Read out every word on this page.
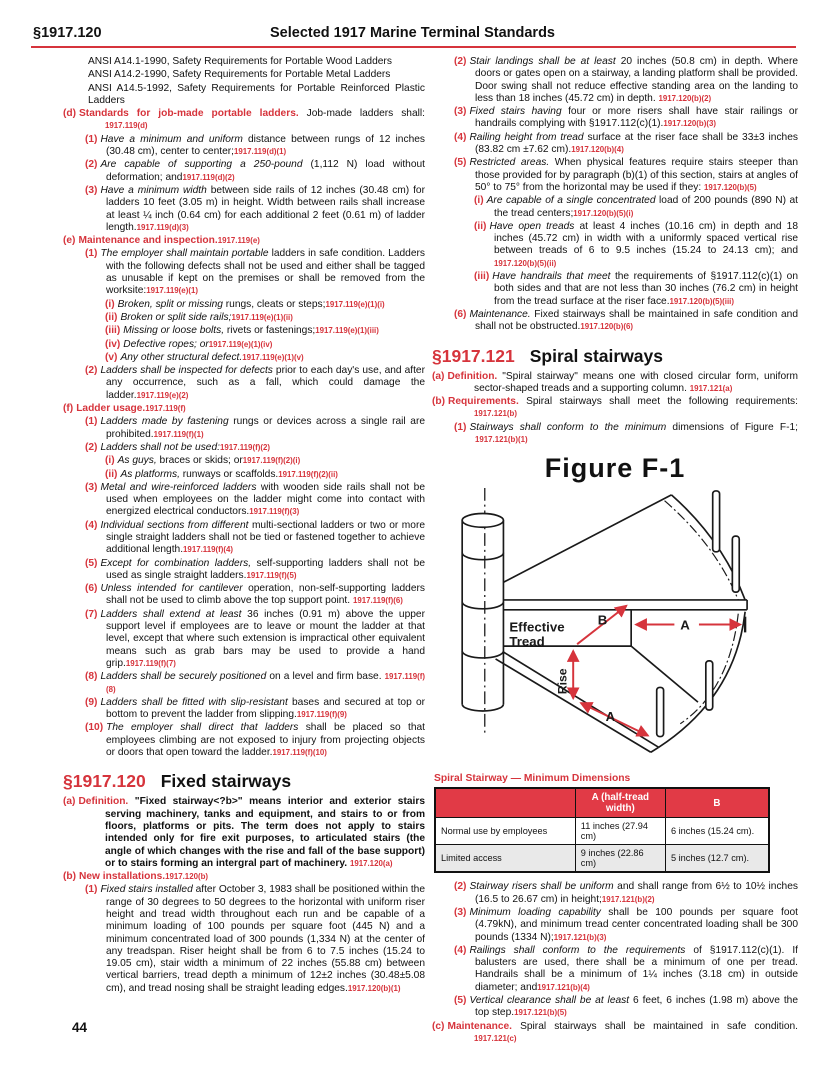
§1917.120	Selected 1917 Marine Terminal Standards
ANSI A14.1-1990, Safety Requirements for Portable Wood Ladders
ANSI A14.2-1990, Safety Requirements for Portable Metal Ladders
ANSI A14.5-1992, Safety Requirements for Portable Reinforced Plastic Ladders
(d) Standards for job-made portable ladders. Job-made ladders shall: 1917.119(d)
(1) Have a minimum and uniform distance between rungs of 12 inches (30.48 cm), center to center;1917.119(d)(1)
(2) Are capable of supporting a 250-pound (1,112 N) load without deformation; and1917.119(d)(2)
(3) Have a minimum width between side rails of 12 inches (30.48 cm) for ladders 10 feet (3.05 m) in height. Width between rails shall increase at least ¼ inch (0.64 cm) for each additional 2 feet (0.61 m) of ladder length.1917.119(d)(3)
(e) Maintenance and inspection.1917.119(e)
(1) The employer shall maintain portable ladders in safe condition. Ladders with the following defects shall not be used and either shall be tagged as unusable if kept on the premises or shall be removed from the worksite:1917.119(e)(1)
(i) Broken, split or missing rungs, cleats or steps;1917.119(e)(1)(i)
(ii) Broken or split side rails;1917.119(e)(1)(ii)
(iii) Missing or loose bolts, rivets or fastenings;1917.119(e)(1)(iii)
(iv) Defective ropes; or1917.119(e)(1)(iv)
(v) Any other structural defect.1917.119(e)(1)(v)
(2) Ladders shall be inspected for defects prior to each day's use, and after any occurrence, such as a fall, which could damage the ladder.1917.119(e)(2)
(f) Ladder usage.1917.119(f)
(1) Ladders made by fastening rungs or devices across a single rail are prohibited.1917.119(f)(1)
(2) Ladders shall not be used:1917.119(f)(2)
(i) As guys, braces or skids; or1917.119(f)(2)(i)
(ii) As platforms, runways or scaffolds.1917.119(f)(2)(ii)
(3) Metal and wire-reinforced ladders with wooden side rails shall not be used when employees on the ladder might come into contact with energized electrical conductors.1917.119(f)(3)
(4) Individual sections from different multi-sectional ladders or two or more single straight ladders shall not be tied or fastened together to achieve additional length.1917.119(f)(4)
(5) Except for combination ladders, self-supporting ladders shall not be used as single straight ladders.1917.119(f)(5)
(6) Unless intended for cantilever operation, non-self-supporting ladders shall not be used to climb above the top support point. 1917.119(f)(6)
(7) Ladders shall extend at least 36 inches (0.91 m) above the upper support level if employees are to leave or mount the ladder at that level, except that where such extension is impractical other equivalent means such as grab bars may be used to provide a hand grip.1917.119(f)(7)
(8) Ladders shall be securely positioned on a level and firm base. 1917.119(f)(8)
(9) Ladders shall be fitted with slip-resistant bases and secured at top or bottom to prevent the ladder from slipping.1917.119(f)(9)
(10) The employer shall direct that ladders shall be placed so that employees climbing are not exposed to injury from projecting objects or doors that open toward the ladder.1917.119(f)(10)
§1917.120 Fixed stairways
(a) Definition. "Fixed stairway<?b>" means interior and exterior stairs serving machinery, tanks and equipment, and stairs to or from floors, platforms or pits. The term does not apply to stairs intended only for fire exit purposes, to articulated stairs (the angle of which changes with the rise and fall of the base support) or to stairs forming an intergral part of machinery. 1917.120(a)
(b) New installations.1917.120(b)
(1) Fixed stairs installed after October 3, 1983 shall be positioned within the range of 30 degrees to 50 degrees to the horizontal with uniform riser height and tread width throughout each run and be capable of a minimum loading of 100 pounds per square foot (445 N) and a minimum concentrated load of 300 pounds (1,334 N) at the center of any treadspan. Riser height shall be from 6 to 7.5 inches (15.24 to 19.05 cm), stair width a minimum of 22 inches (55.88 cm) between vertical barriers, tread depth a minimum of 12±2 inches (30.48±5.08 cm), and tread nosing shall be straight leading edges.1917.120(b)(1)
(2) Stair landings shall be at least 20 inches (50.8 cm) in depth. Where doors or gates open on a stairway, a landing platform shall be provided. Door swing shall not reduce effective standing area on the landing to less than 18 inches (45.72 cm) in depth. 1917.120(b)(2)
(3) Fixed stairs having four or more risers shall have stair railings or handrails complying with §1917.112(c)(1).1917.120(b)(3)
(4) Railing height from tread surface at the riser face shall be 33±3 inches (83.82 cm ±7.62 cm).1917.120(b)(4)
(5) Restricted areas. When physical features require stairs steeper than those provided for by paragraph (b)(1) of this section, stairs at angles of 50° to 75° from the horizontal may be used if they: 1917.120(b)(5)
(i) Are capable of a single concentrated load of 200 pounds (890 N) at the tread centers;1917.120(b)(5)(i)
(ii) Have open treads at least 4 inches (10.16 cm) in depth and 18 inches (45.72 cm) in width with a uniformly spaced vertical rise between treads of 6 to 9.5 inches (15.24 to 24.13 cm); and 1917.120(b)(5)(ii)
(iii) Have handrails that meet the requirements of §1917.112(c)(1) on both sides and that are not less than 30 inches (76.2 cm) in height from the tread surface at the riser face.1917.120(b)(5)(iii)
(6) Maintenance. Fixed stairways shall be maintained in safe condition and shall not be obstructed.1917.120(b)(6)
§1917.121 Spiral stairways
(a) Definition. "Spiral stairway" means one with closed circular form, uniform sector-shaped treads and a supporting column. 1917.121(a)
(b) Requirements. Spiral stairways shall meet the following requirements: 1917.121(b)
(1) Stairways shall conform to the minimum dimensions of Figure F-1; 1917.121(b)(1)
Figure F-1
Effective
Tread
B	A
A
Rise
Spiral Stairway — Minimum Dimensions
	A (half-tread width)	B
Normal use by employees	11 inches (27.94 cm)	6 inches (15.24 cm).
Limited access	9 inches (22.86 cm)	5 inches (12.7 cm).
(2) Stairway risers shall be uniform and shall range from 6½ to 10½ inches (16.5 to 26.67 cm) in height;1917.121(b)(2)
(3) Minimum loading capability shall be 100 pounds per square foot (4.79kN), and minimum tread center concentrated loading shall be 300 pounds (1334 N);1917.121(b)(3)
(4) Railings shall conform to the requirements of §1917.112(c)(1). If balusters are used, there shall be a minimum of one per tread. Handrails shall be a minimum of 1¼ inches (3.18 cm) in outside diameter; and1917.121(b)(4)
(5) Vertical clearance shall be at least 6 feet, 6 inches (1.98 m) above the top step.1917.121(b)(5)
(c) Maintenance. Spiral stairways shall be maintained in safe condition. 1917.121(c)
44
